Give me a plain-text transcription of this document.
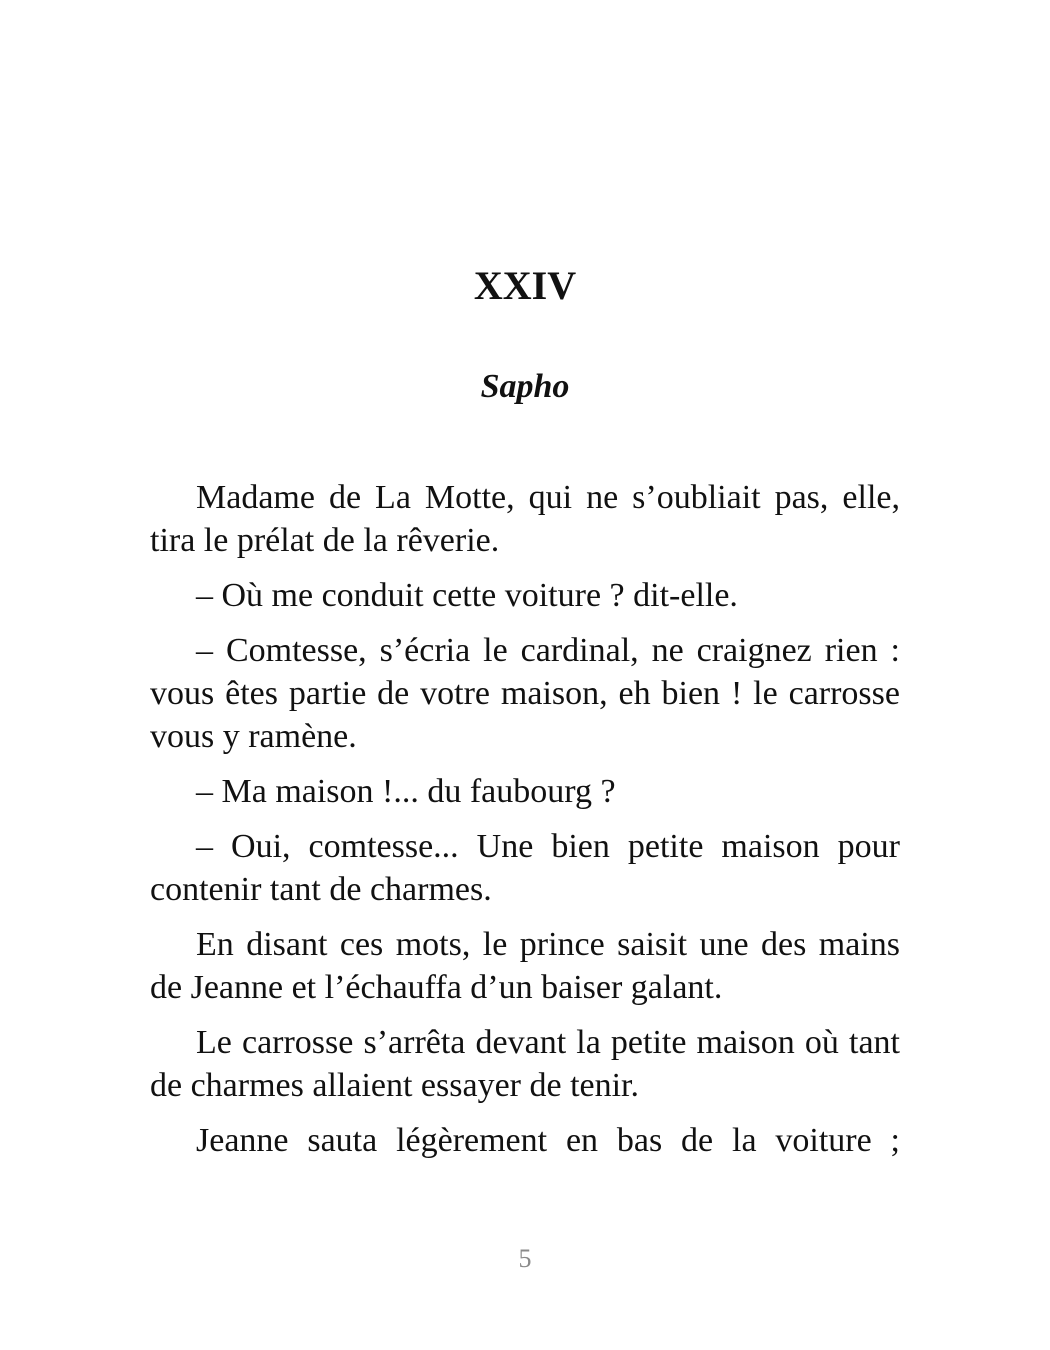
XXIV
Sapho

Madame de La Motte, qui ne s’oubliait pas, elle, tira le prélat de la rêverie.

– Où me conduit cette voiture ? dit-elle.

– Comtesse, s’écria le cardinal, ne craignez rien : vous êtes partie de votre maison, eh bien ! le carrosse vous y ramène.

– Ma maison !... du faubourg ?

– Oui, comtesse... Une bien petite maison pour contenir tant de charmes.

En disant ces mots, le prince saisit une des mains de Jeanne et l’échauffa d’un baiser galant.

Le carrosse s’arrêta devant la petite maison où tant de charmes allaient essayer de tenir.

Jeanne sauta légèrement en bas de la voiture ;

5
